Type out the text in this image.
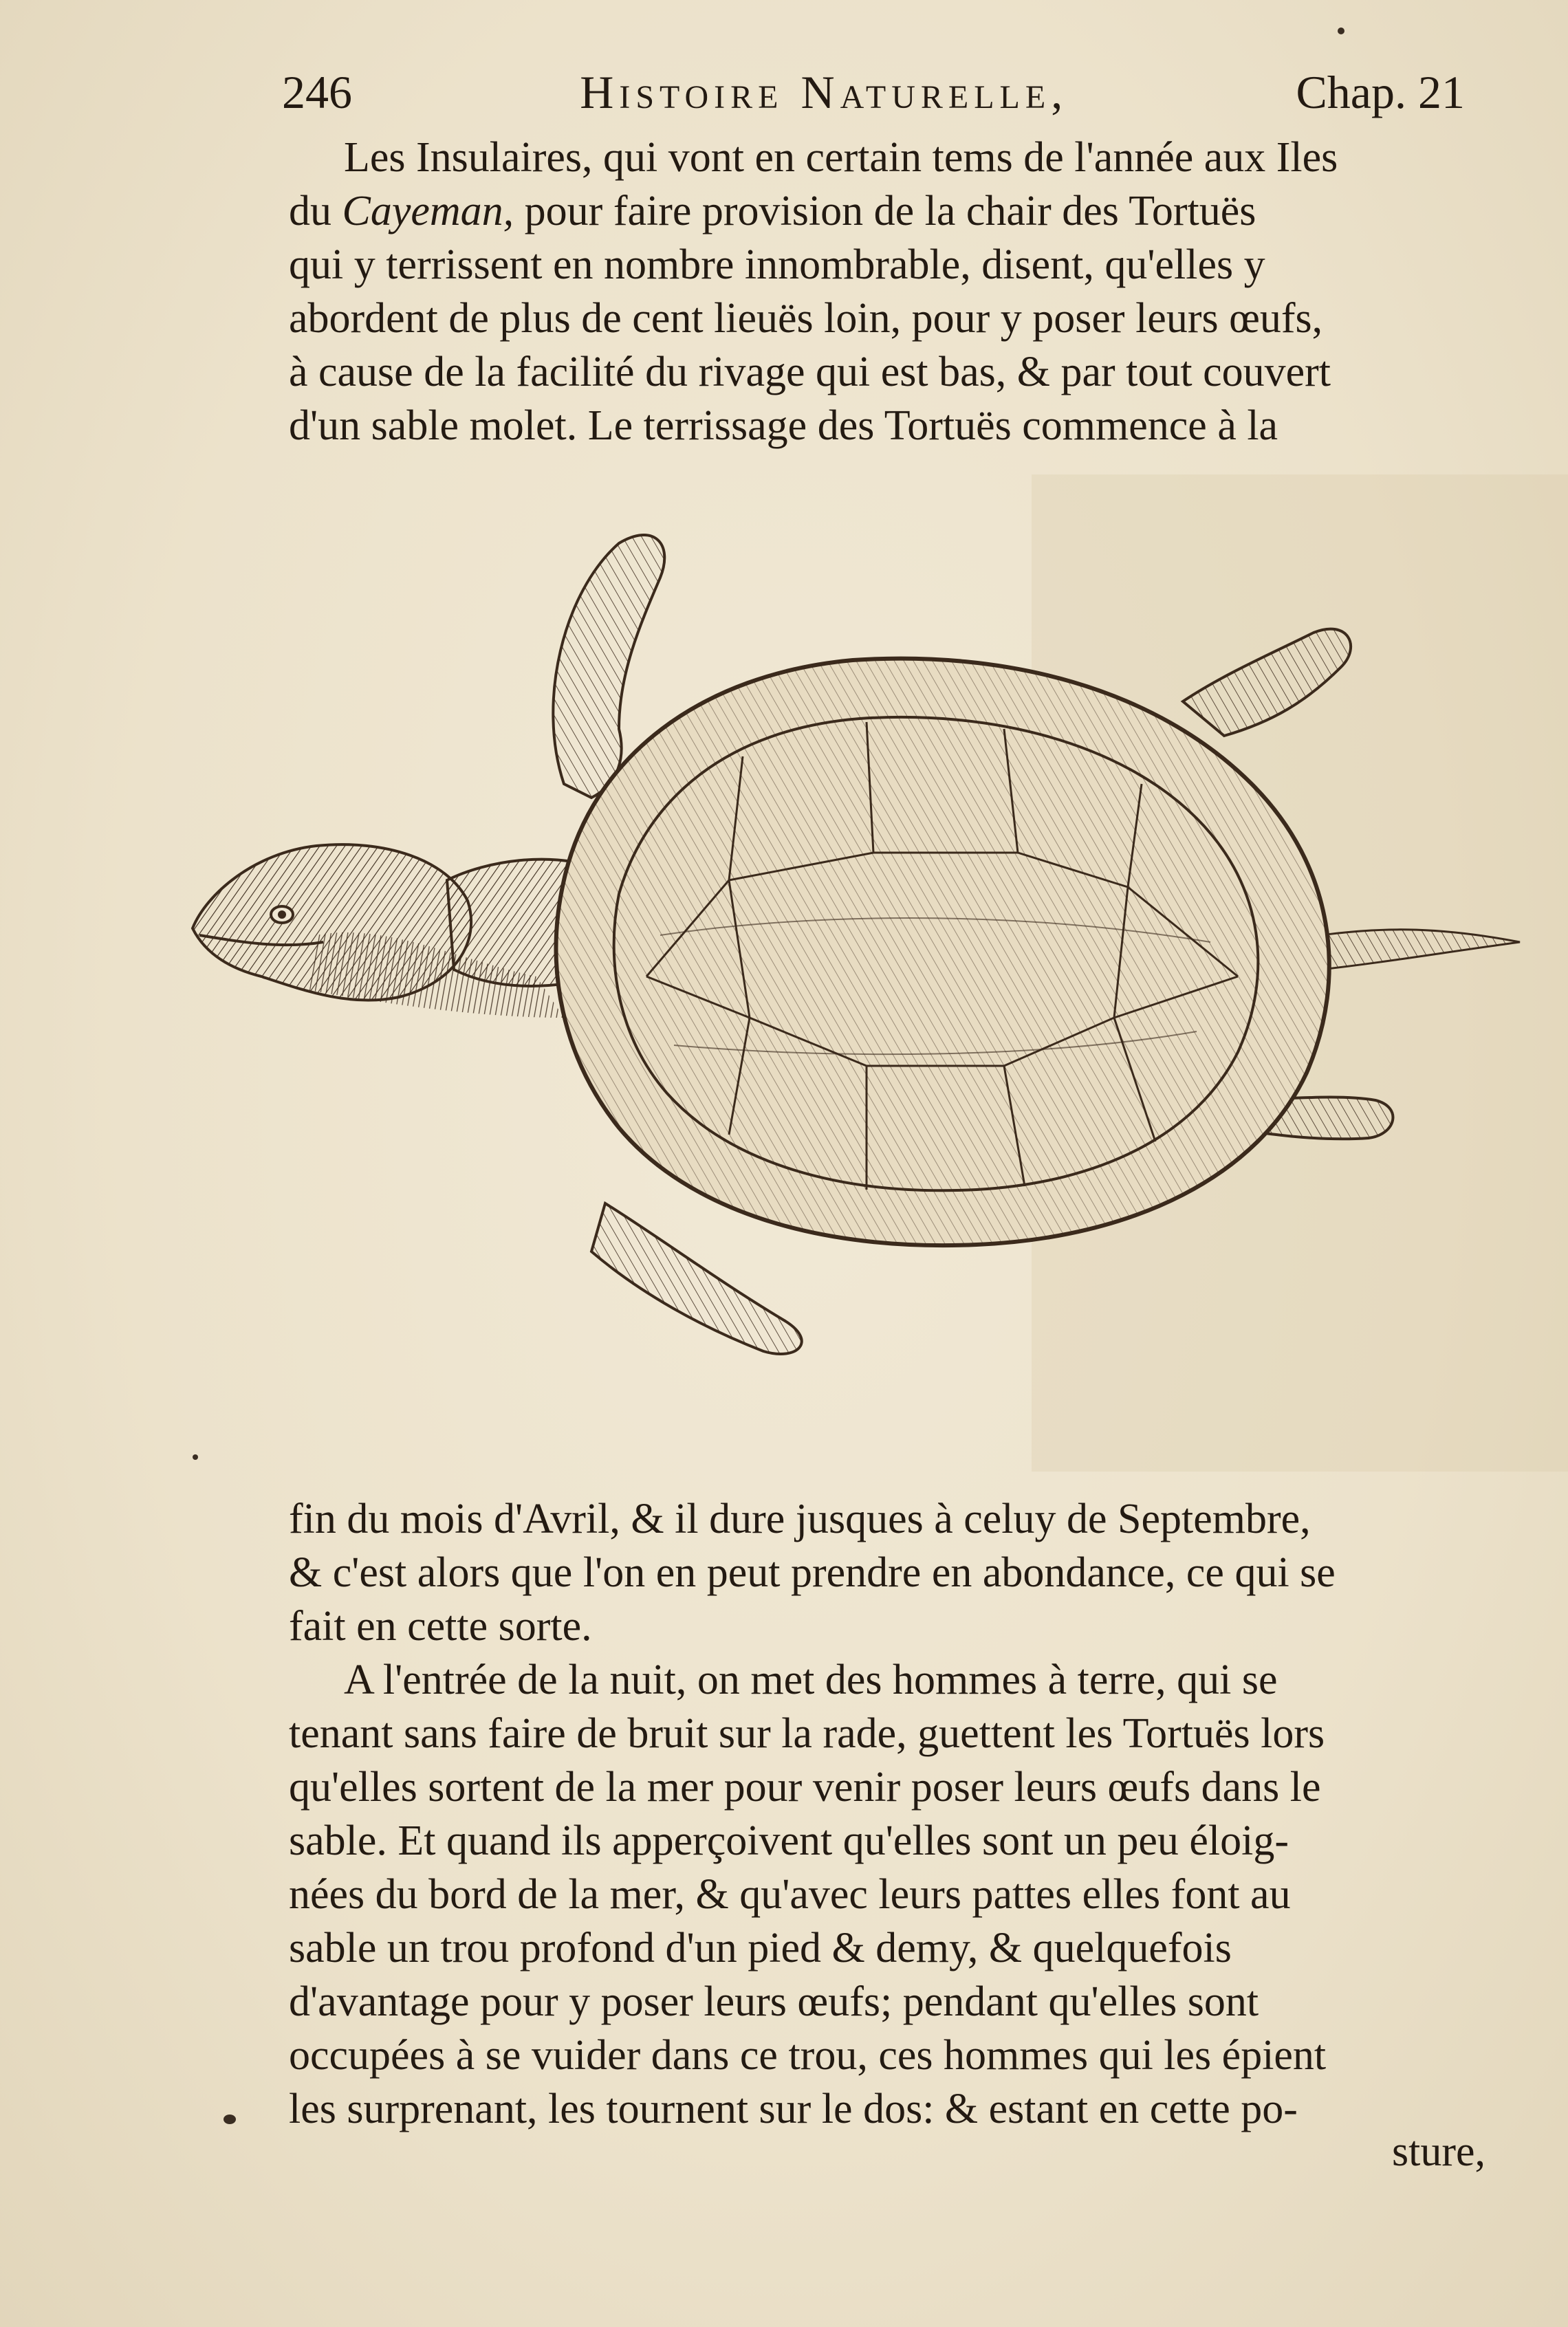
246	Histoire Naturelle,	Chap. 21

Les Insulaires, qui vont en certain tems de l'année aux Iles

du Cayeman, pour faire provision de la chair des Tortuës

qui y terrissent en nombre innombrable, disent, qu'elles y

abordent de plus de cent lieuës loin, pour y poser leurs œufs,

à cause de la facilité du rivage qui est bas, & par tout couvert

d'un sable molet. Le terrissage des Tortuës commence à la

fin du mois d'Avril, & il dure jusques à celuy de Septembre,

& c'est alors que l'on en peut prendre en abondance, ce qui se

fait en cette sorte.

A l'entrée de la nuit, on met des hommes à terre, qui se

tenant sans faire de bruit sur la rade, guettent les Tortuës lors

qu'elles sortent de la mer pour venir poser leurs œufs dans le

sable. Et quand ils apperçoivent qu'elles sont un peu éloig-

nées du bord de la mer, & qu'avec leurs pattes elles font au

sable un trou profond d'un pied & demy, & quelquefois

d'avantage pour y poser leurs œufs; pendant qu'elles sont

occupées à se vuider dans ce trou, ces hommes qui les épient

les surprenant, les tournent sur le dos: & estant en cette po-

sture,
